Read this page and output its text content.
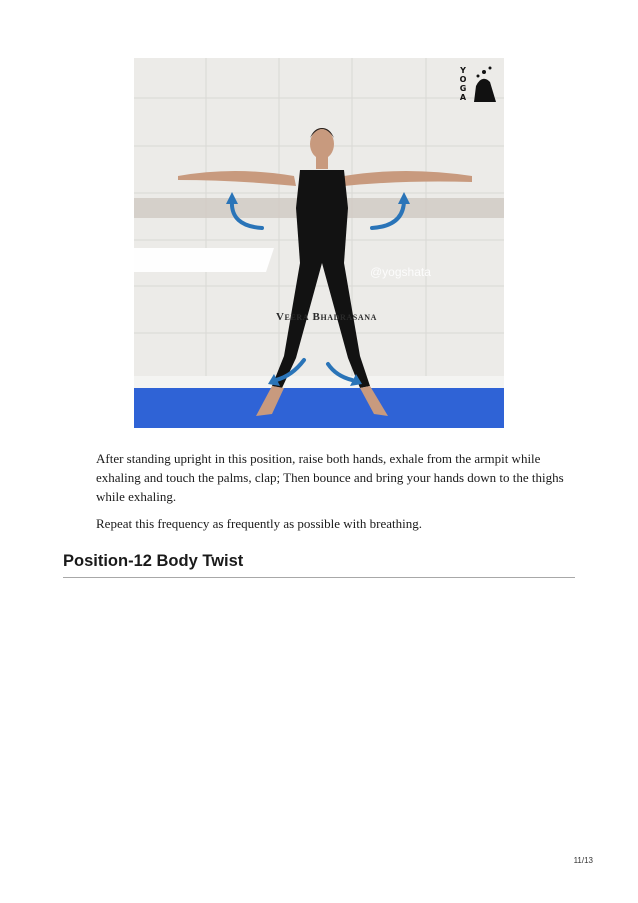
Veera Bhadrasana
@yogshata
Y
O
G
A

After standing upright in this position, raise both hands, exhale from the armpit while exhaling and touch the palms, clap; Then bounce and bring your hands down to the thighs while exhaling.

Repeat this frequency as frequently as possible with breathing.

Position-12 Body Twist
11/13
